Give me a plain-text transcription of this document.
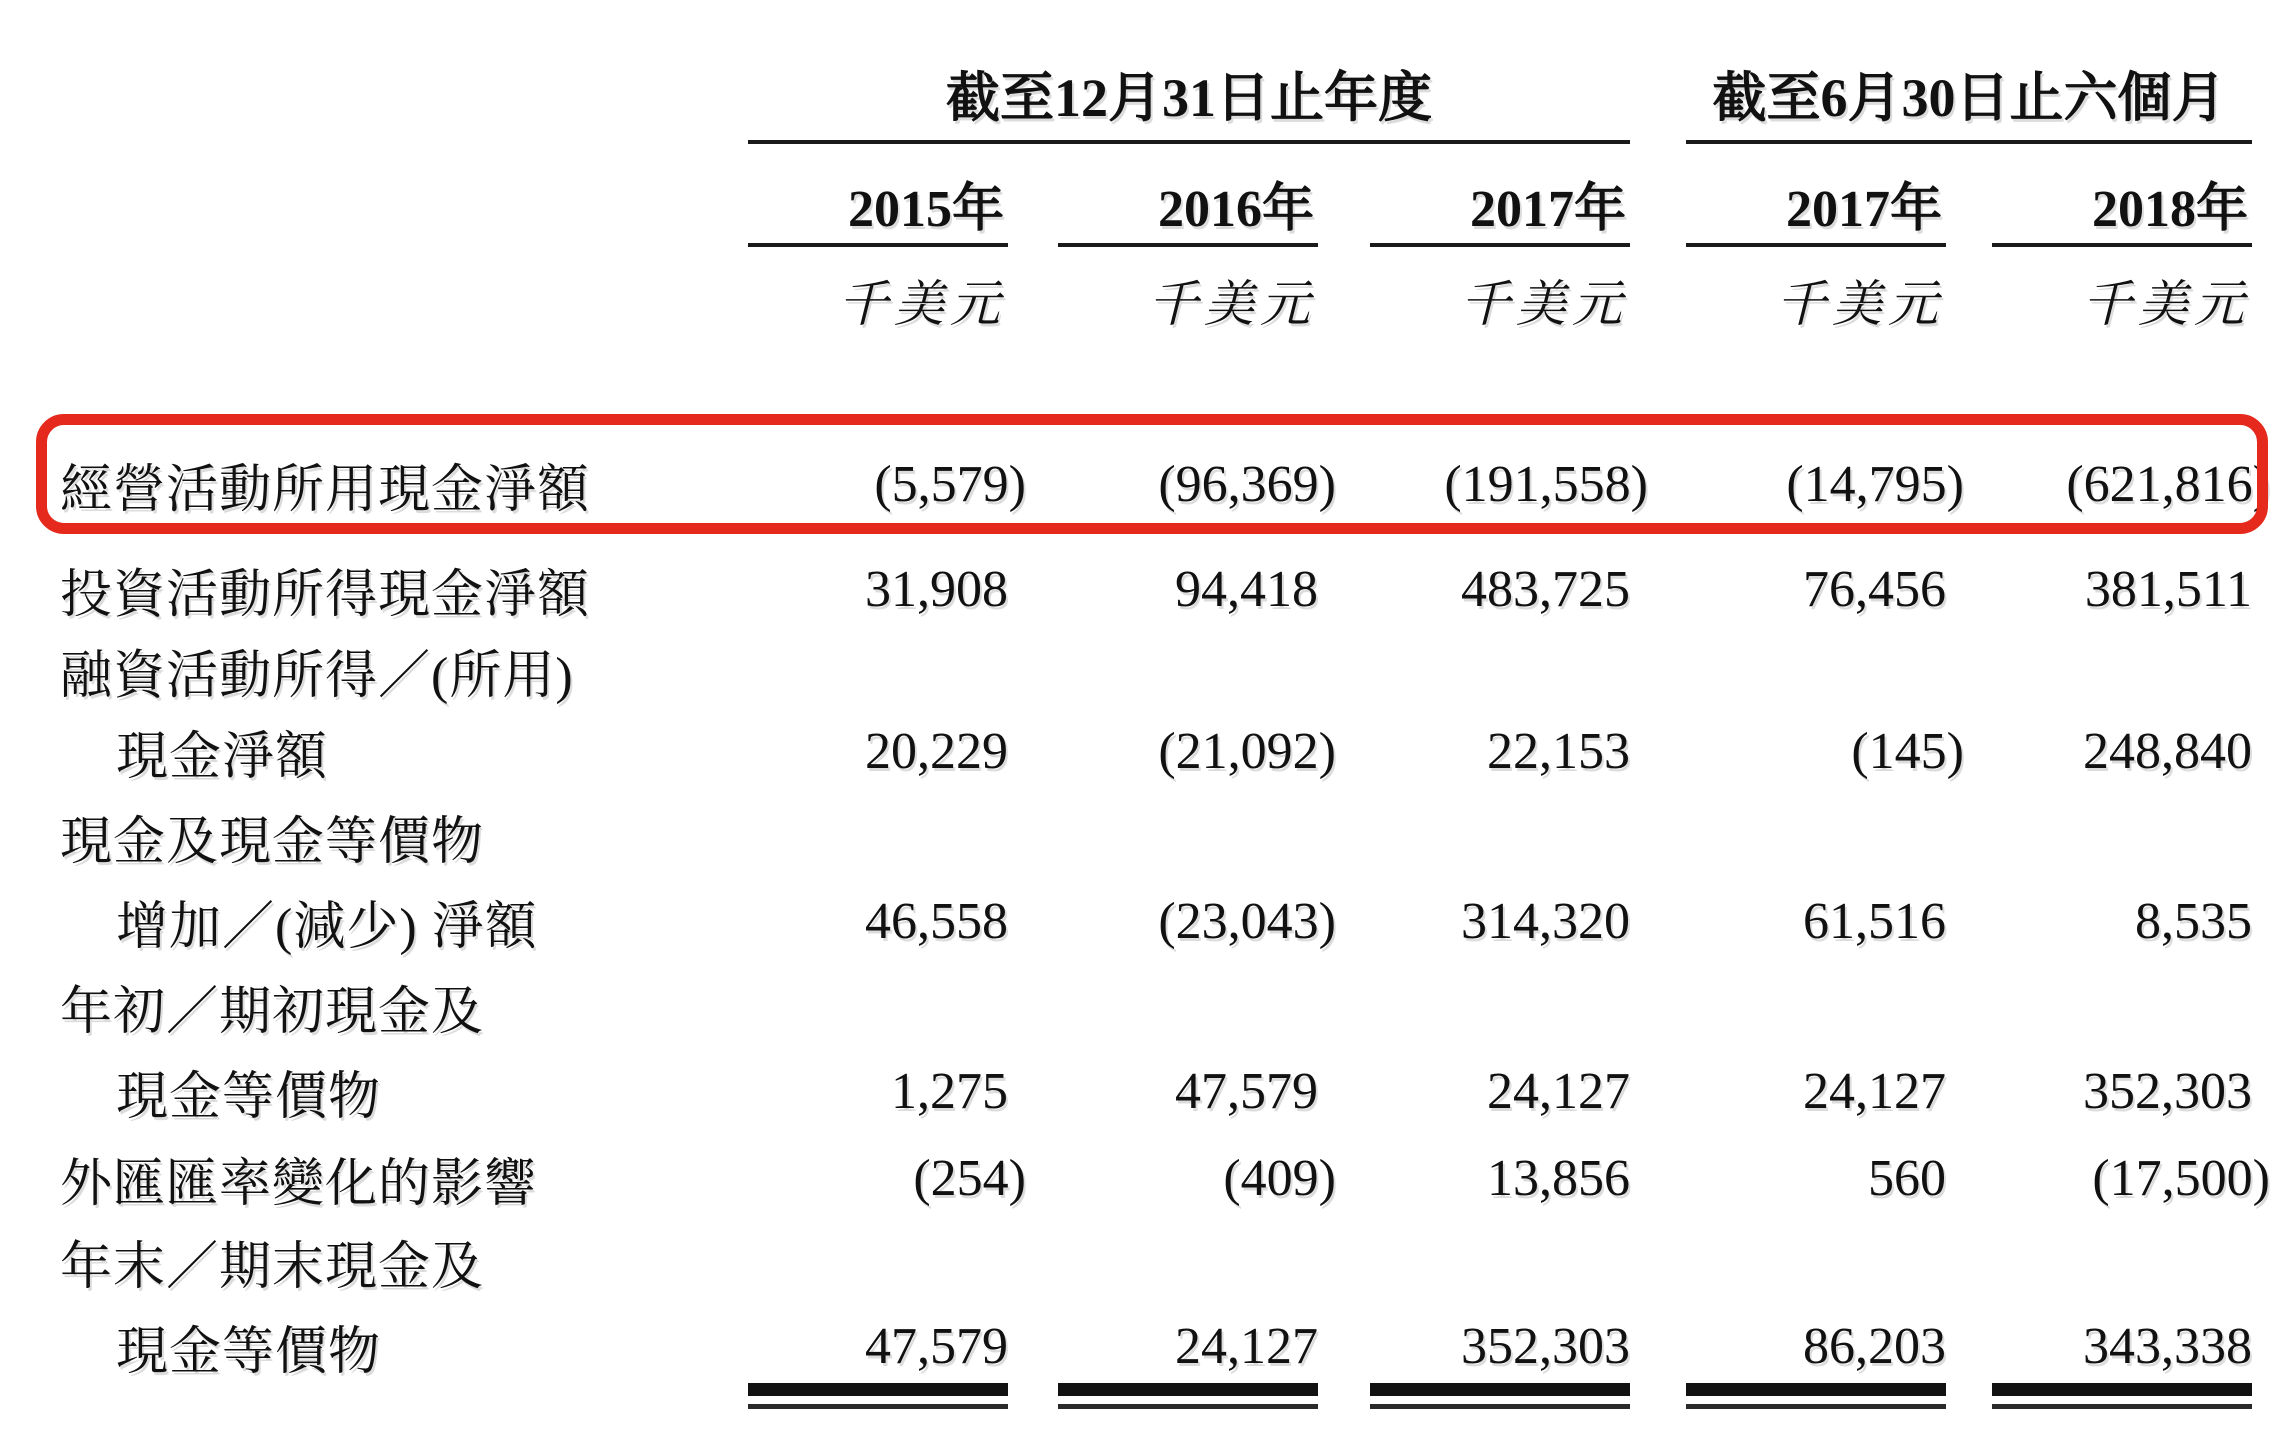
截至12月31日止年度	截至6月30日止六個月
2015年	2016年	2017年	2017年	2018年
千美元	千美元	千美元	千美元	千美元
經營活動所用現金淨額	(5,579)	(96,369)	(191,558)	(14,795)	(621,816)
投資活動所得現金淨額	31,908	94,418	483,725	76,456	381,511
融資活動所得／(所用)
現金淨額	20,229	(21,092)	22,153	(145)	248,840
現金及現金等價物
增加／(減少) 淨額	46,558	(23,043)	314,320	61,516	8,535
年初／期初現金及
現金等價物	1,275	47,579	24,127	24,127	352,303
外匯匯率變化的影響	(254)	(409)	13,856	560	(17,500)
年末／期末現金及
現金等價物	47,579	24,127	352,303	86,203	343,338
